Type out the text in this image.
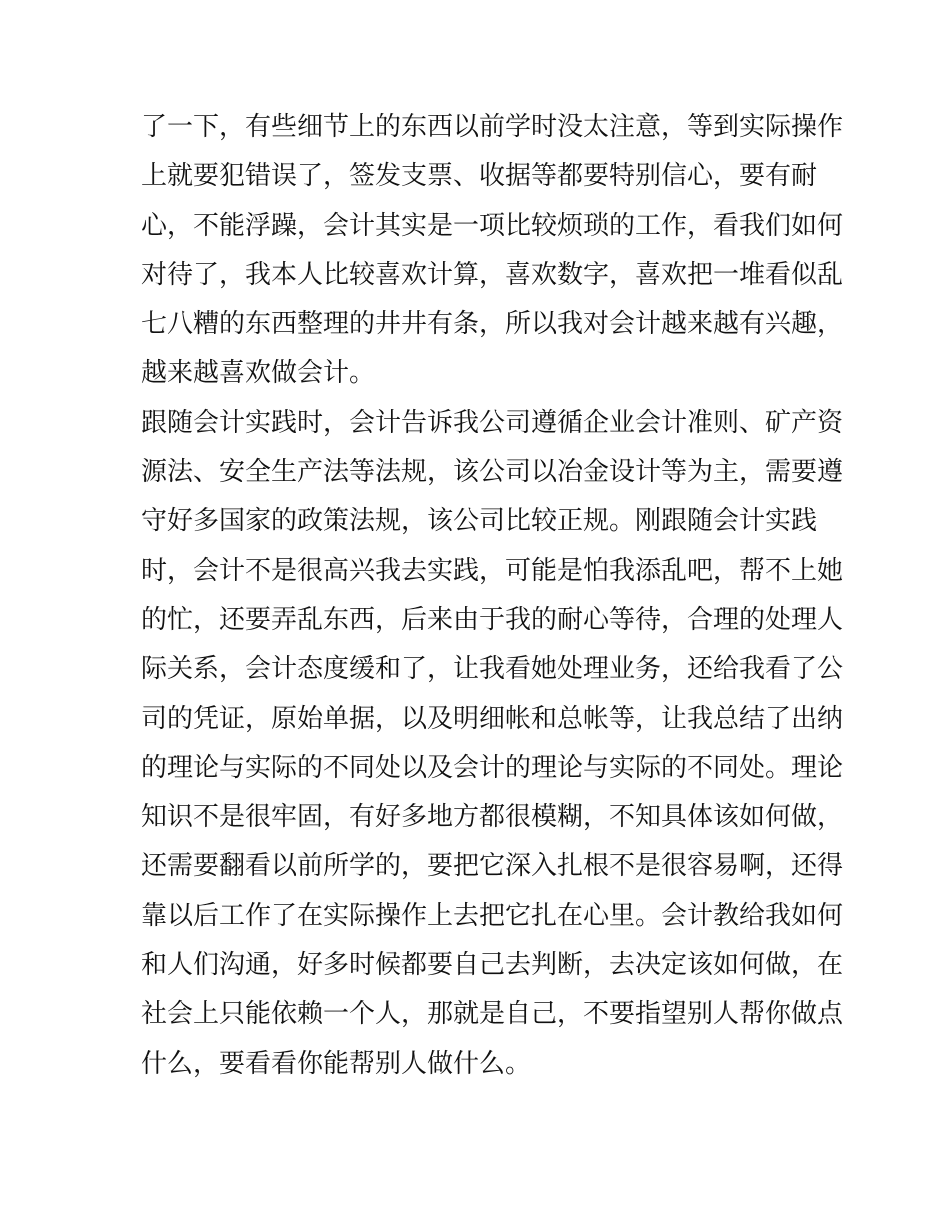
了一下，有些细节上的东西以前学时没太注意，等到实际操作
上就要犯错误了，签发支票、收据等都要特别信心，要有耐
心，不能浮躁，会计其实是一项比较烦琐的工作，看我们如何
对待了，我本人比较喜欢计算，喜欢数字，喜欢把一堆看似乱
七八糟的东西整理的井井有条，所以我对会计越来越有兴趣，
越来越喜欢做会计。
跟随会计实践时，会计告诉我公司遵循企业会计准则、矿产资
源法、安全生产法等法规，该公司以冶金设计等为主，需要遵
守好多国家的政策法规，该公司比较正规。刚跟随会计实践
时，会计不是很高兴我去实践，可能是怕我添乱吧，帮不上她
的忙，还要弄乱东西，后来由于我的耐心等待，合理的处理人
际关系，会计态度缓和了，让我看她处理业务，还给我看了公
司的凭证，原始单据，以及明细帐和总帐等，让我总结了出纳
的理论与实际的不同处以及会计的理论与实际的不同处。理论
知识不是很牢固，有好多地方都很模糊，不知具体该如何做，
还需要翻看以前所学的，要把它深入扎根不是很容易啊，还得
靠以后工作了在实际操作上去把它扎在心里。会计教给我如何
和人们沟通，好多时候都要自己去判断，去决定该如何做，在
社会上只能依赖一个人，那就是自己，不要指望别人帮你做点
什么，要看看你能帮别人做什么。
